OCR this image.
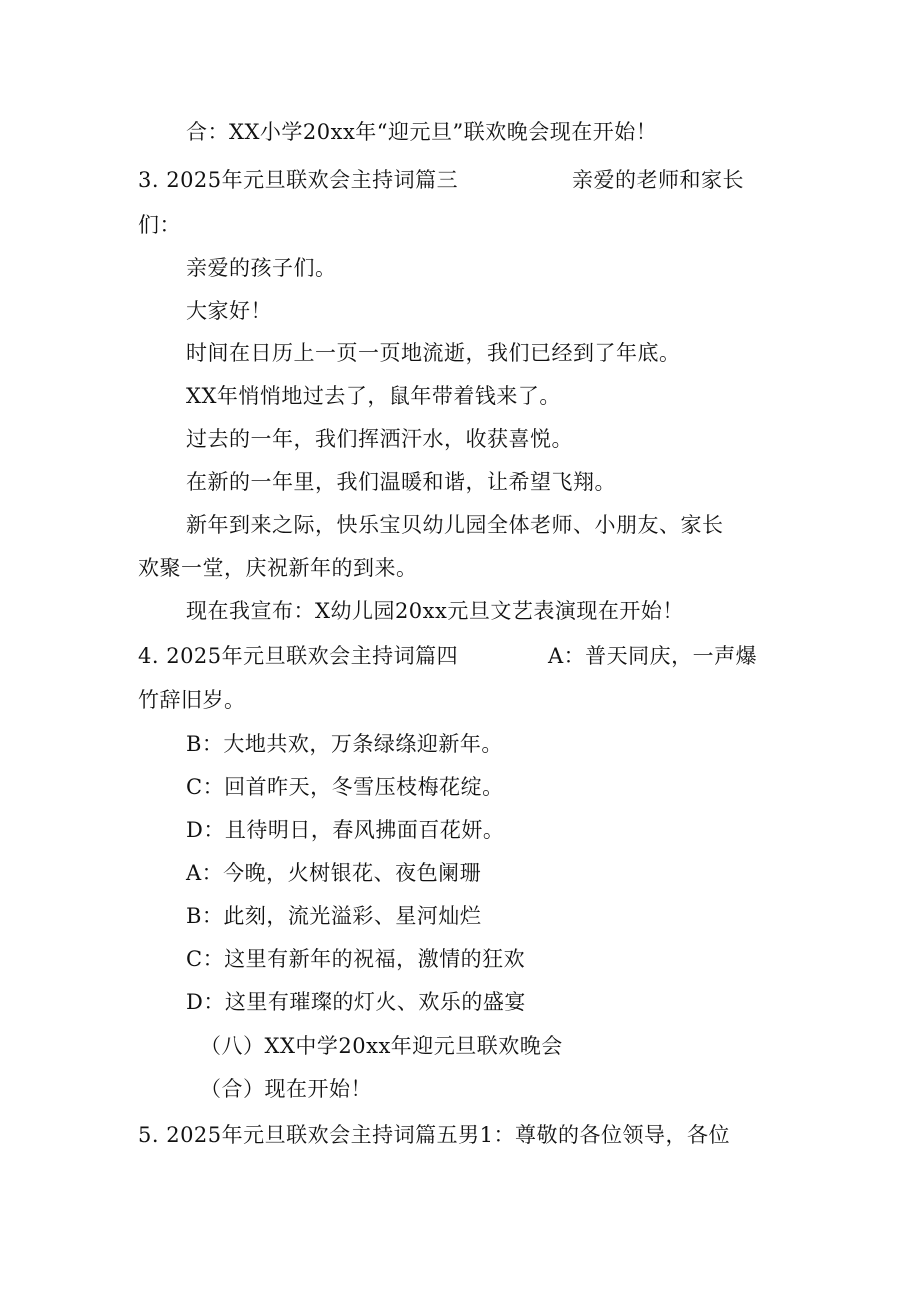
合：XX小学20xx年“迎元旦”联欢晚会现在开始！

3. 2025年元旦联欢会主持词篇三	亲爱的老师和家长

们：

亲爱的孩子们。

大家好！

时间在日历上一页一页地流逝，我们已经到了年底。

XX年悄悄地过去了，鼠年带着钱来了。

过去的一年，我们挥洒汗水，收获喜悦。

在新的一年里，我们温暖和谐，让希望飞翔。

新年到来之际，快乐宝贝幼儿园全体老师、小朋友、家长

欢聚一堂，庆祝新年的到来。

现在我宣布：X幼儿园20xx元旦文艺表演现在开始！

4. 2025年元旦联欢会主持词篇四	A：普天同庆，一声爆

竹辞旧岁。

B：大地共欢，万条绿绦迎新年。

C：回首昨天，冬雪压枝梅花绽。

D：且待明日，春风拂面百花妍。

A：今晚，火树银花、夜色阑珊

B：此刻，流光溢彩、星河灿烂

C：这里有新年的祝福，激情的狂欢

D：这里有璀璨的灯火、欢乐的盛宴

（八）XX中学20xx年迎元旦联欢晚会

（合）现在开始！

5. 2025年元旦联欢会主持词篇五男1：尊敬的各位领导，各位
